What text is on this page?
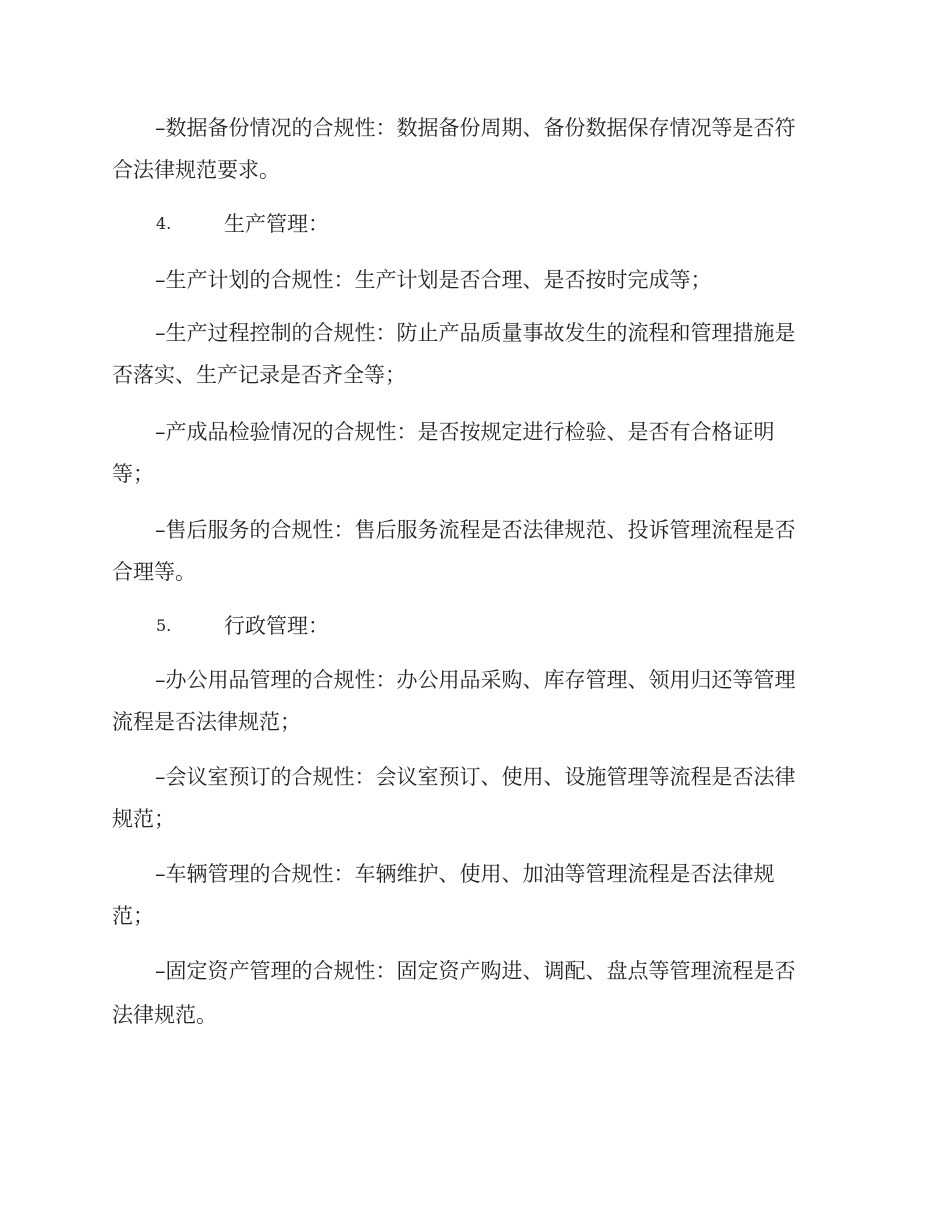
–数据备份情况的合规性：数据备份周期、备份数据保存情况等是否符

合法律规范要求。

4.	生产管理：

–生产计划的合规性：生产计划是否合理、是否按时完成等；

–生产过程控制的合规性：防止产品质量事故发生的流程和管理措施是

否落实、生产记录是否齐全等；

–产成品检验情况的合规性：是否按规定进行检验、是否有合格证明

等；

–售后服务的合规性：售后服务流程是否法律规范、投诉管理流程是否

合理等。

5.	行政管理：

–办公用品管理的合规性：办公用品采购、库存管理、领用归还等管理

流程是否法律规范；

–会议室预订的合规性：会议室预订、使用、设施管理等流程是否法律

规范；

–车辆管理的合规性：车辆维护、使用、加油等管理流程是否法律规

范；

–固定资产管理的合规性：固定资产购进、调配、盘点等管理流程是否

法律规范。
